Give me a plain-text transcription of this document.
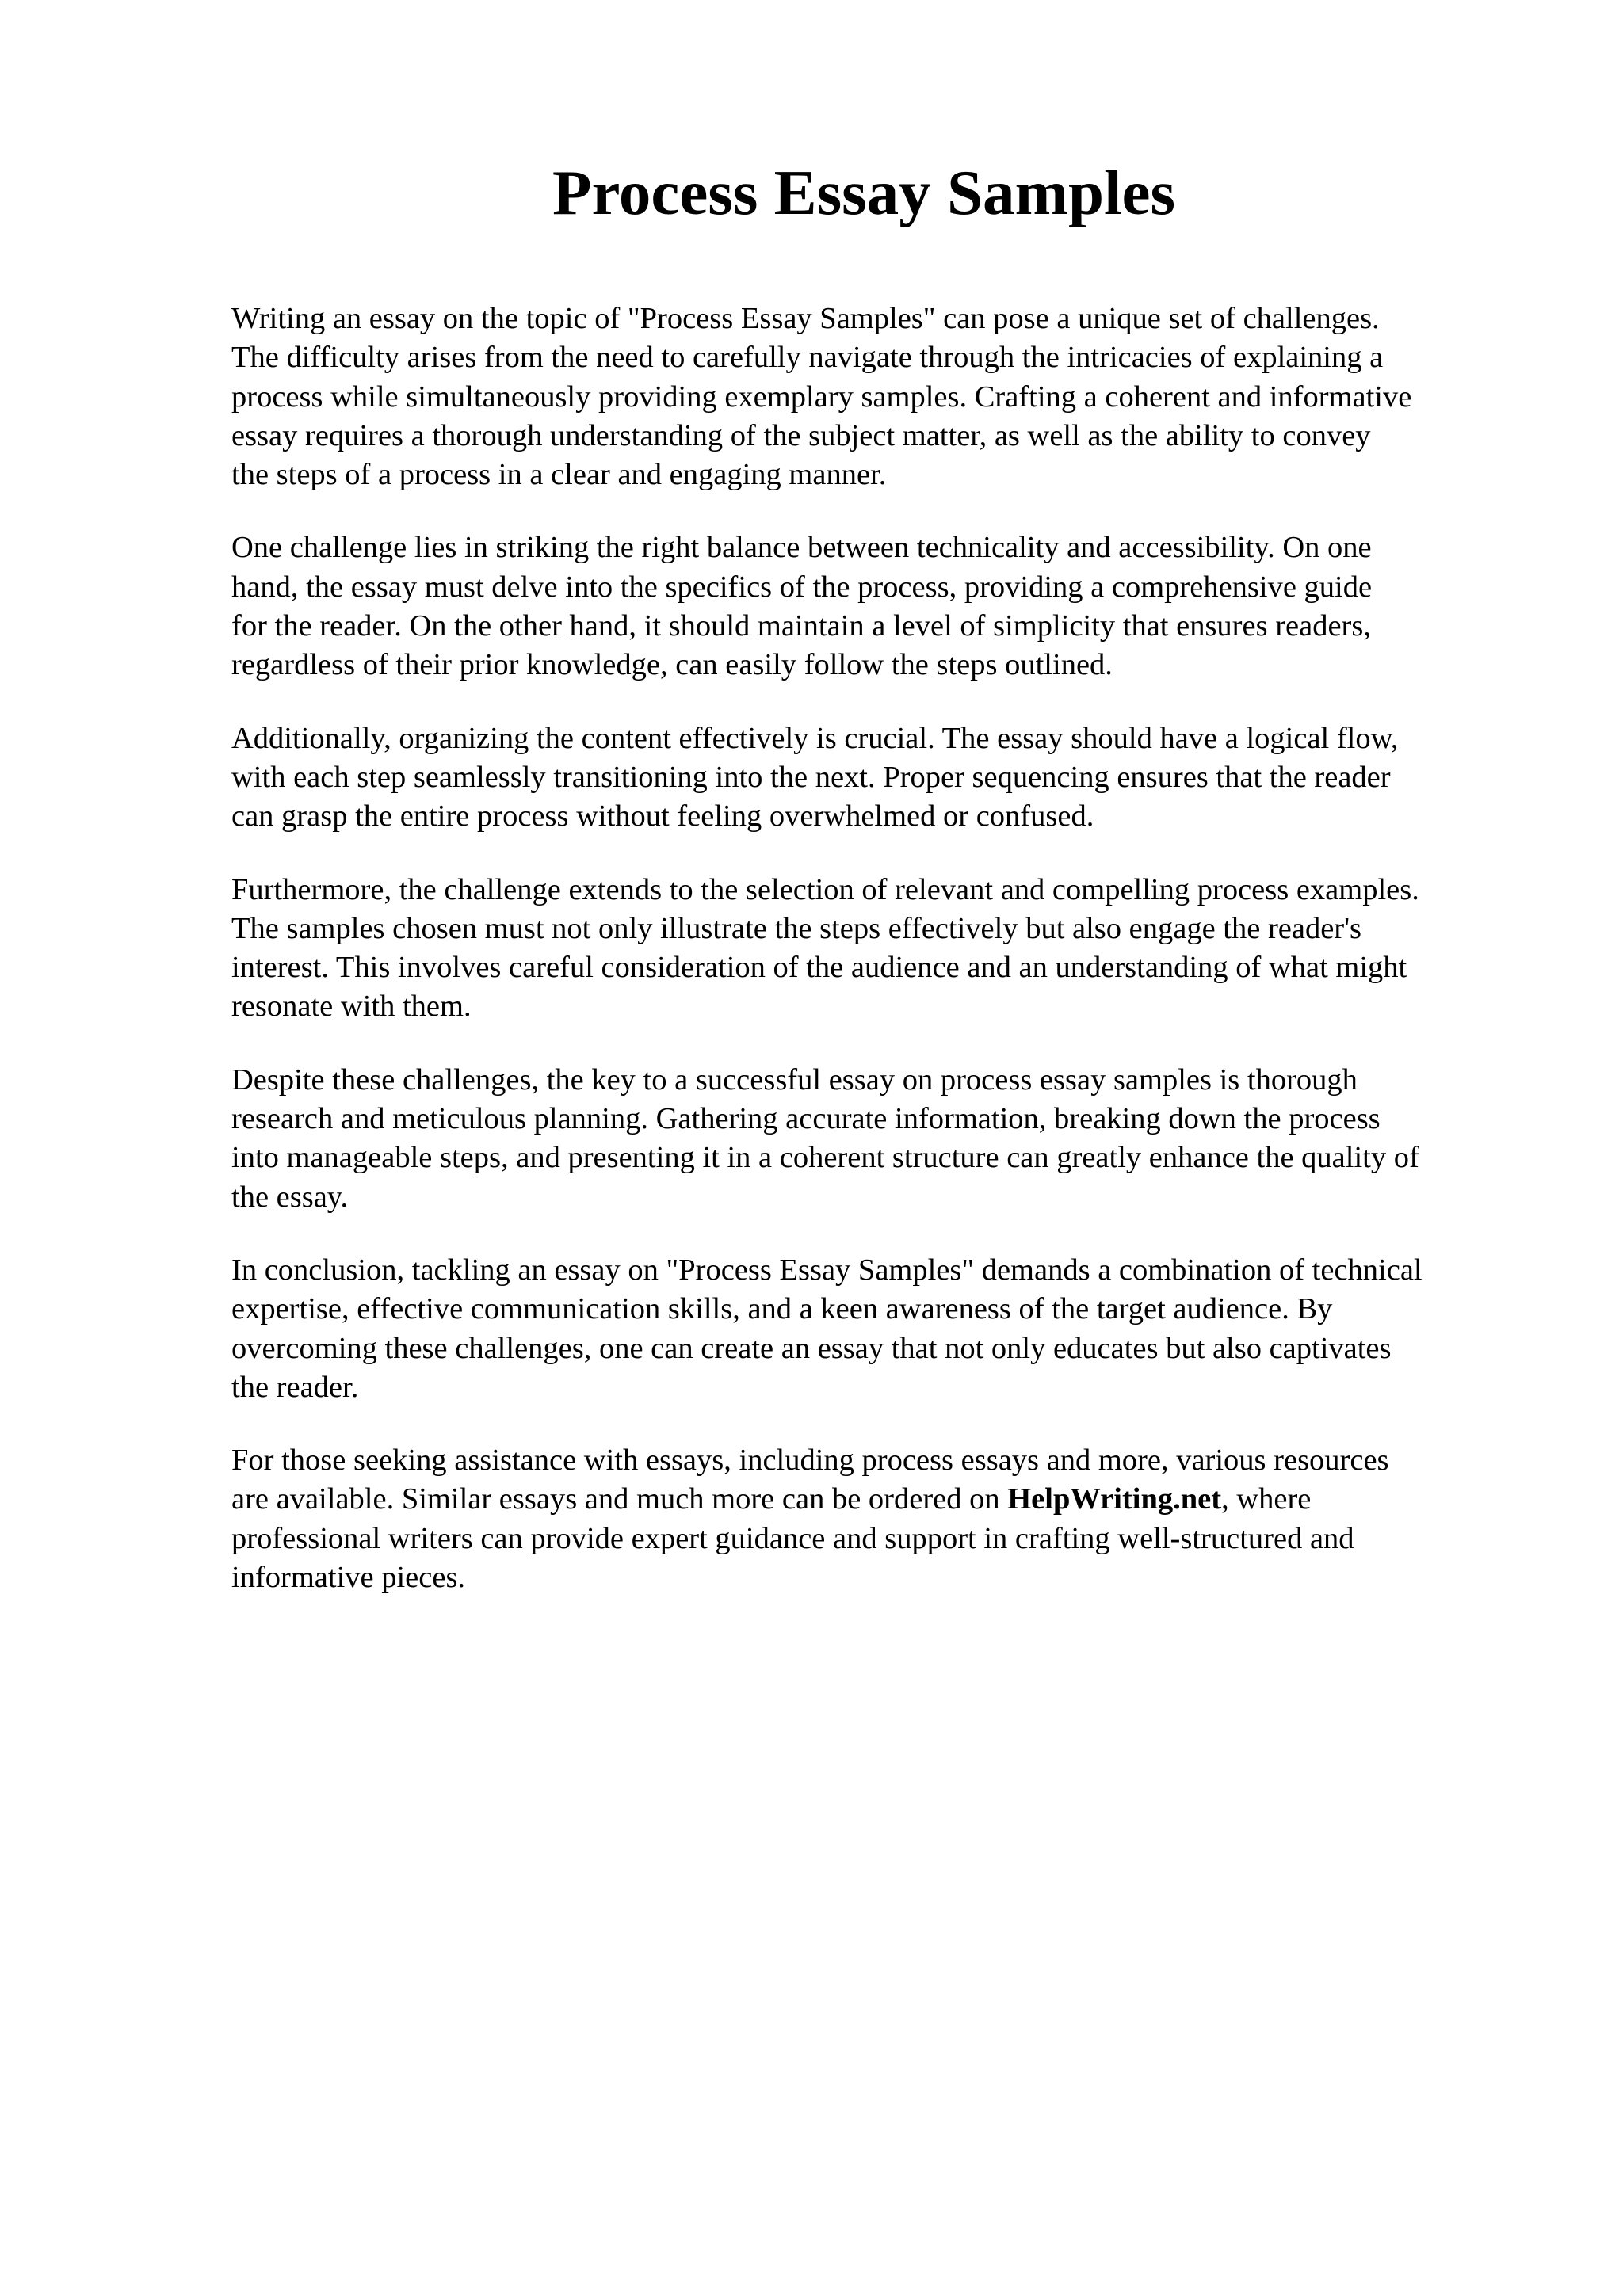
Process Essay Samples

Writing an essay on the topic of "Process Essay Samples" can pose a unique set of challenges.
The difficulty arises from the need to carefully navigate through the intricacies of explaining a
process while simultaneously providing exemplary samples. Crafting a coherent and informative
essay requires a thorough understanding of the subject matter, as well as the ability to convey
the steps of a process in a clear and engaging manner.

One challenge lies in striking the right balance between technicality and accessibility. On one
hand, the essay must delve into the specifics of the process, providing a comprehensive guide
for the reader. On the other hand, it should maintain a level of simplicity that ensures readers,
regardless of their prior knowledge, can easily follow the steps outlined.

Additionally, organizing the content effectively is crucial. The essay should have a logical flow,
with each step seamlessly transitioning into the next. Proper sequencing ensures that the reader
can grasp the entire process without feeling overwhelmed or confused.

Furthermore, the challenge extends to the selection of relevant and compelling process examples.
The samples chosen must not only illustrate the steps effectively but also engage the reader's
interest. This involves careful consideration of the audience and an understanding of what might
resonate with them.

Despite these challenges, the key to a successful essay on process essay samples is thorough
research and meticulous planning. Gathering accurate information, breaking down the process
into manageable steps, and presenting it in a coherent structure can greatly enhance the quality of
the essay.

In conclusion, tackling an essay on "Process Essay Samples" demands a combination of technical
expertise, effective communication skills, and a keen awareness of the target audience. By
overcoming these challenges, one can create an essay that not only educates but also captivates
the reader.

For those seeking assistance with essays, including process essays and more, various resources
are available. Similar essays and much more can be ordered on HelpWriting.net, where
professional writers can provide expert guidance and support in crafting well-structured and
informative pieces.
